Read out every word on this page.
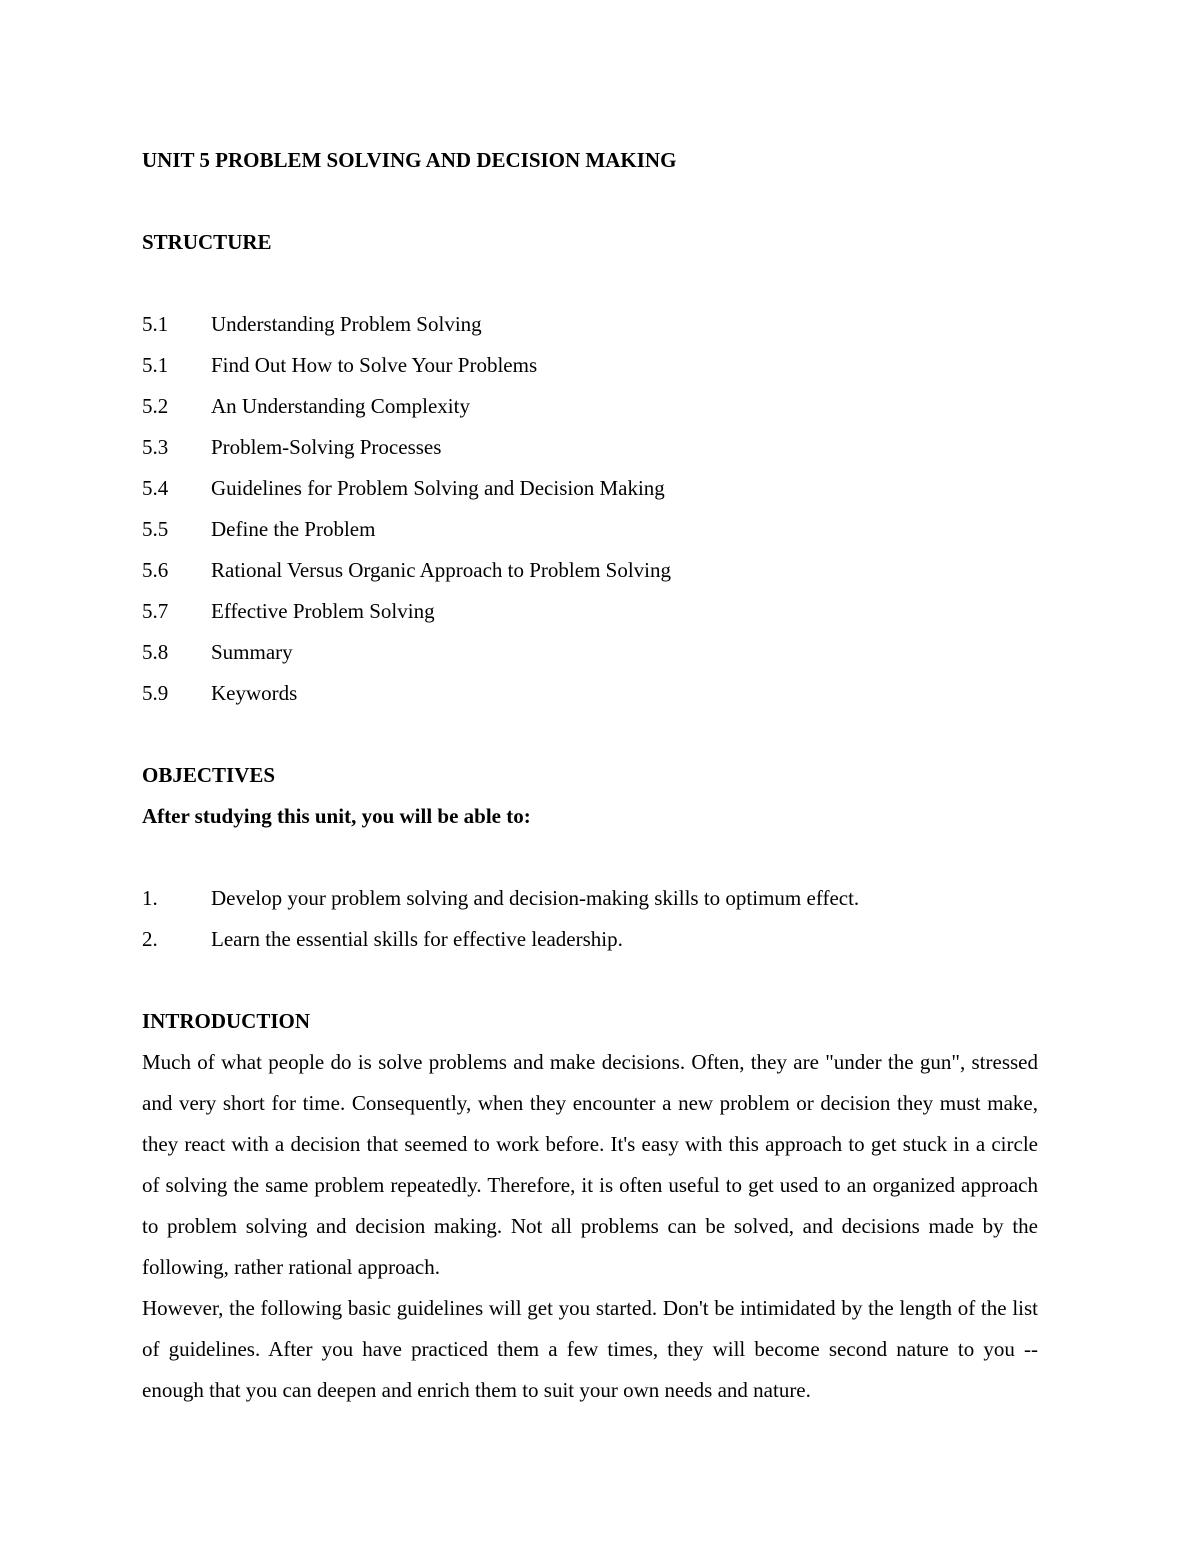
UNIT 5 PROBLEM SOLVING AND DECISION MAKING
STRUCTURE
5.1	Understanding Problem Solving
5.1	Find Out How to Solve Your Problems
5.2	An Understanding Complexity
5.3	Problem-Solving Processes
5.4	Guidelines for Problem Solving and Decision Making
5.5	Define the Problem
5.6	Rational Versus Organic Approach to Problem Solving
5.7	Effective Problem Solving
5.8	Summary
5.9	Keywords
OBJECTIVES
After studying this unit, you will be able to:
1.	Develop your problem solving and decision-making skills to optimum effect.
2.	Learn the essential skills for effective leadership.
INTRODUCTION

Much of what people do is solve problems and make decisions. Often, they are "under the gun", stressed and very short for time. Consequently, when they encounter a new problem or decision they must make, they react with a decision that seemed to work before. It's easy with this approach to get stuck in a circle of solving the same problem repeatedly. Therefore, it is often useful to get used to an organized approach to problem solving and decision making. Not all problems can be solved, and decisions made by the following, rather rational approach.

However, the following basic guidelines will get you started. Don't be intimidated by the length of the list of guidelines. After you have practiced them a few times, they will become second nature to you -- enough that you can deepen and enrich them to suit your own needs and nature.
